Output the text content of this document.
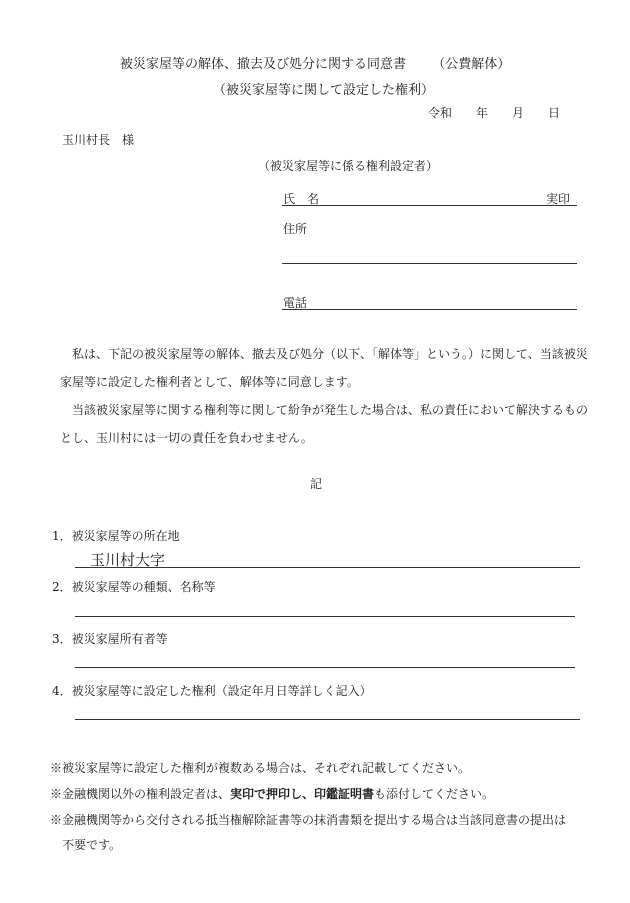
被災家屋等の解体、撤去及び処分に関する同意書 （公費解体）
（被災家屋等に関して設定した権利）
令和　　年　　月　　日
玉川村長　様
（被災家屋等に係る権利設定者）
氏　名	実印
住所
電話

私は、下記の被災家屋等の解体、撤去及び処分（以下、「解体等」という。）に関して、当該被災家屋等に設定した権利者として、解体等に同意します。

当該被災家屋等に関する権利等に関して紛争が発生した場合は、私の責任において解決するものとし、玉川村には一切の責任を負わせません。

記
1．被災家屋等の所在地
玉川村大字
2．被災家屋等の種類、名称等
3．被災家屋所有者等
4．被災家屋等に設定した権利（設定年月日等詳しく記入）
※被災家屋等に設定した権利が複数ある場合は、それぞれ記載してください。
※金融機関以外の権利設定者は、実印で押印し、印鑑証明書も添付してください。
※金融機関等から交付される抵当権解除証書等の抹消書類を提出する場合は当該同意書の提出は
不要です。
